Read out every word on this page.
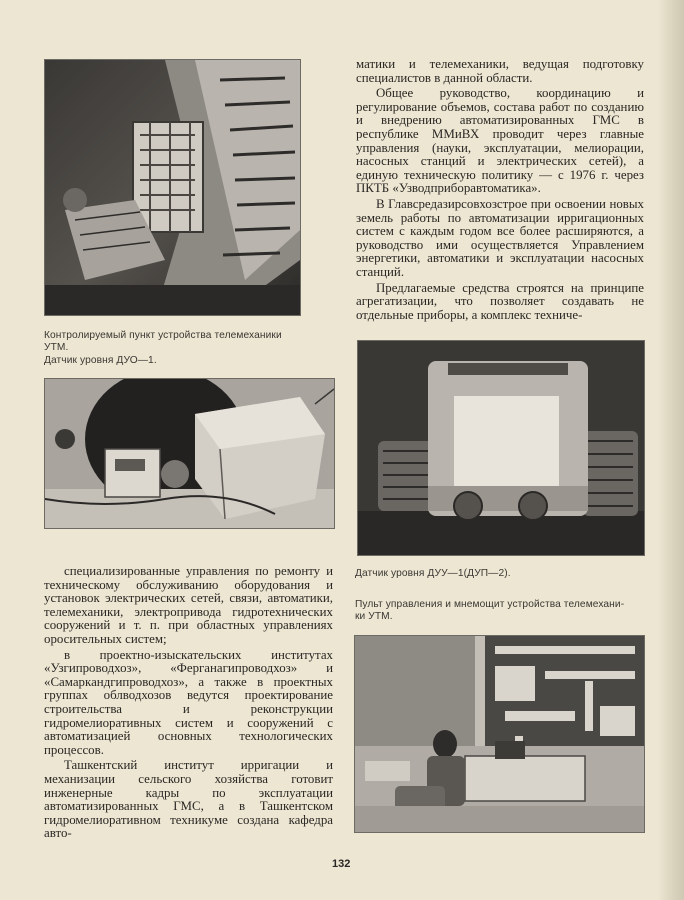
Контролируемый пункт устройства телемеханики
УТМ.
Датчик уровня ДУО—1.
Датчик уровня ДУУ—1(ДУП—2).
Пульт управления и мнемощит устройства телемехани-
ки УТМ.

матики и телемеханики, ведущая подготовку специалистов в данной области.

Общее руководство, координацию и регулирование объемов, состава работ по созданию и внедрению автоматизированных ГМС в республике ММиВХ проводит через главные управления (науки, эксплуатации, мелиорации, насосных станций и электрических сетей), а единую техническую политику — с 1976 г. через ПКТБ «Узводприборавтоматика».

В Главсредазирсовхозстрое при освоении новых земель работы по автоматизации ирригационных систем с каждым годом все более расширяются, а руководство ими осуществляется Управлением энергетики, автоматики и эксплуатации насосных станций.

Предлагаемые средства строятся на принципе агрегатизации, что позволяет создавать не отдельные приборы, а комплекс техниче-

специализированные управления по ремонту и техническому обслуживанию оборудования и установок электрических сетей, связи, автоматики, телемеханики, электропривода гидротехнических сооружений и т. п. при областных управлениях оросительных систем;

в проектно-изыскательских институтах «Узгипроводхоз», «Ферганагипроводхоз» и «Самаркандгипроводхоз», а также в проектных группах облводхозов ведутся проектирование строительства и реконструкции гидромелиоративных систем и сооружений с автоматизацией основных технологических процессов.

Ташкентский институт ирригации и механизации сельского хозяйства готовит инженерные кадры по эксплуатации автоматизированных ГМС, а в Ташкентском гидромелиоративном техникуме создана кафедра авто-

132
